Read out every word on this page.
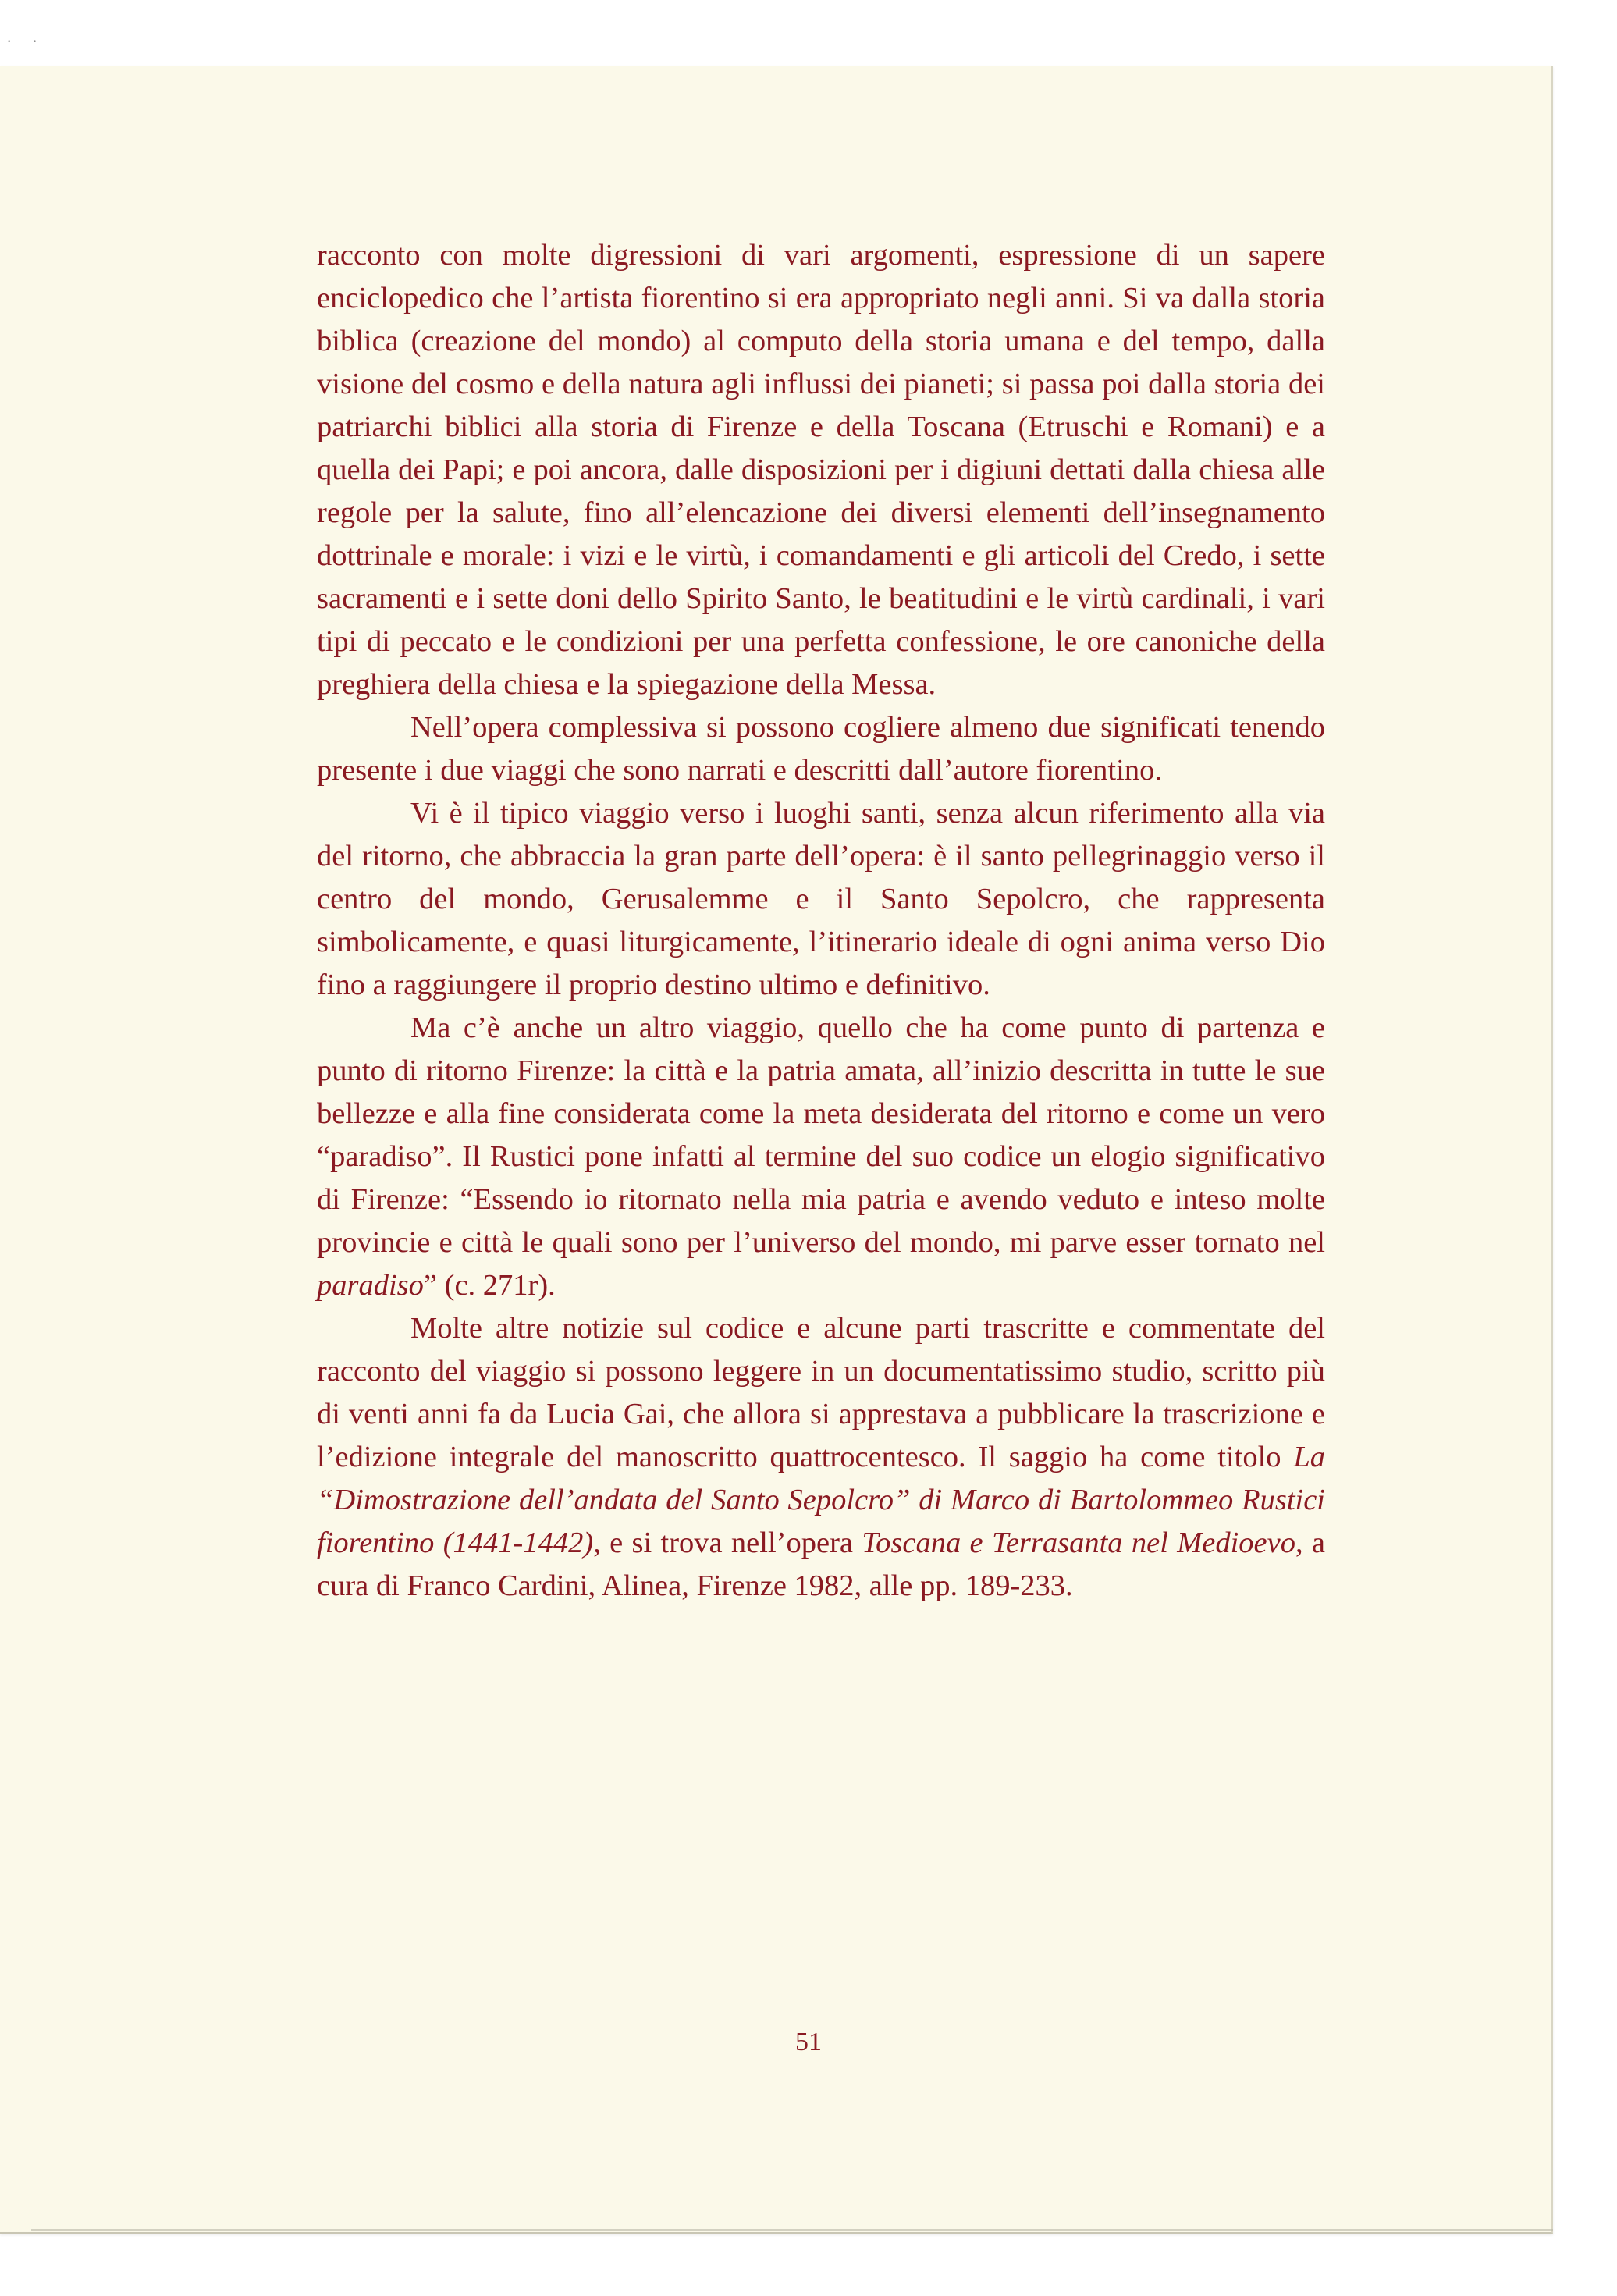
· ·

racconto con molte digressioni di vari argomenti, espressione di un sapere enciclopedico che l’artista fiorentino si era appropriato negli anni. Si va dalla storia biblica (creazione del mondo) al computo della storia umana e del tempo, dalla visione del cosmo e della natura agli influssi dei pianeti; si passa poi dalla storia dei patriarchi biblici alla storia di Firenze e della Toscana (Etruschi e Romani) e a quella dei Papi; e poi ancora, dalle disposizioni per i digiuni dettati dalla chiesa alle regole per la salute, fino all’elencazione dei diversi elementi dell’insegnamento dottrinale e morale: i vizi e le virtù, i comandamenti e gli articoli del Credo, i sette sacramenti e i sette doni dello Spirito Santo, le beatitudini e le virtù cardinali, i vari tipi di peccato e le condizioni per una perfetta confessione, le ore canoniche della preghiera della chiesa e la spiegazione della Messa.

Nell’opera complessiva si possono cogliere almeno due significati tenendo presente i due viaggi che sono narrati e descritti dall’autore fiorentino.

Vi è il tipico viaggio verso i luoghi santi, senza alcun riferimento alla via del ritorno, che abbraccia la gran parte dell’opera: è il santo pellegrinaggio verso il centro del mondo, Gerusalemme e il Santo Sepolcro, che rappresenta simbolicamente, e quasi liturgicamente, l’itinerario ideale di ogni anima verso Dio fino a raggiungere il proprio destino ultimo e definitivo.

Ma c’è anche un altro viaggio, quello che ha come punto di partenza e punto di ritorno Firenze: la città e la patria amata, all’inizio descritta in tutte le sue bellezze e alla fine considerata come la meta desiderata del ritorno e come un vero “paradiso”. Il Rustici pone infatti al termine del suo codice un elogio significativo di Firenze: “Essendo io ritornato nella mia patria e avendo veduto e inteso molte provincie e città le quali sono per l’universo del mondo, mi parve esser tornato nel paradiso” (c. 271r).

Molte altre notizie sul codice e alcune parti trascritte e commentate del racconto del viaggio si possono leggere in un documentatissimo studio, scritto più di venti anni fa da Lucia Gai, che allora si apprestava a pubblicare la trascrizione e l’edizione integrale del manoscritto quattrocentesco. Il saggio ha come titolo La “Dimostrazione dell’andata del Santo Sepolcro” di Marco di Bartolommeo Rustici fiorentino (1441-1442), e si trova nell’opera Toscana e Terrasanta nel Medioevo, a cura di Franco Cardini, Alinea, Firenze 1982, alle pp. 189-233.

51
